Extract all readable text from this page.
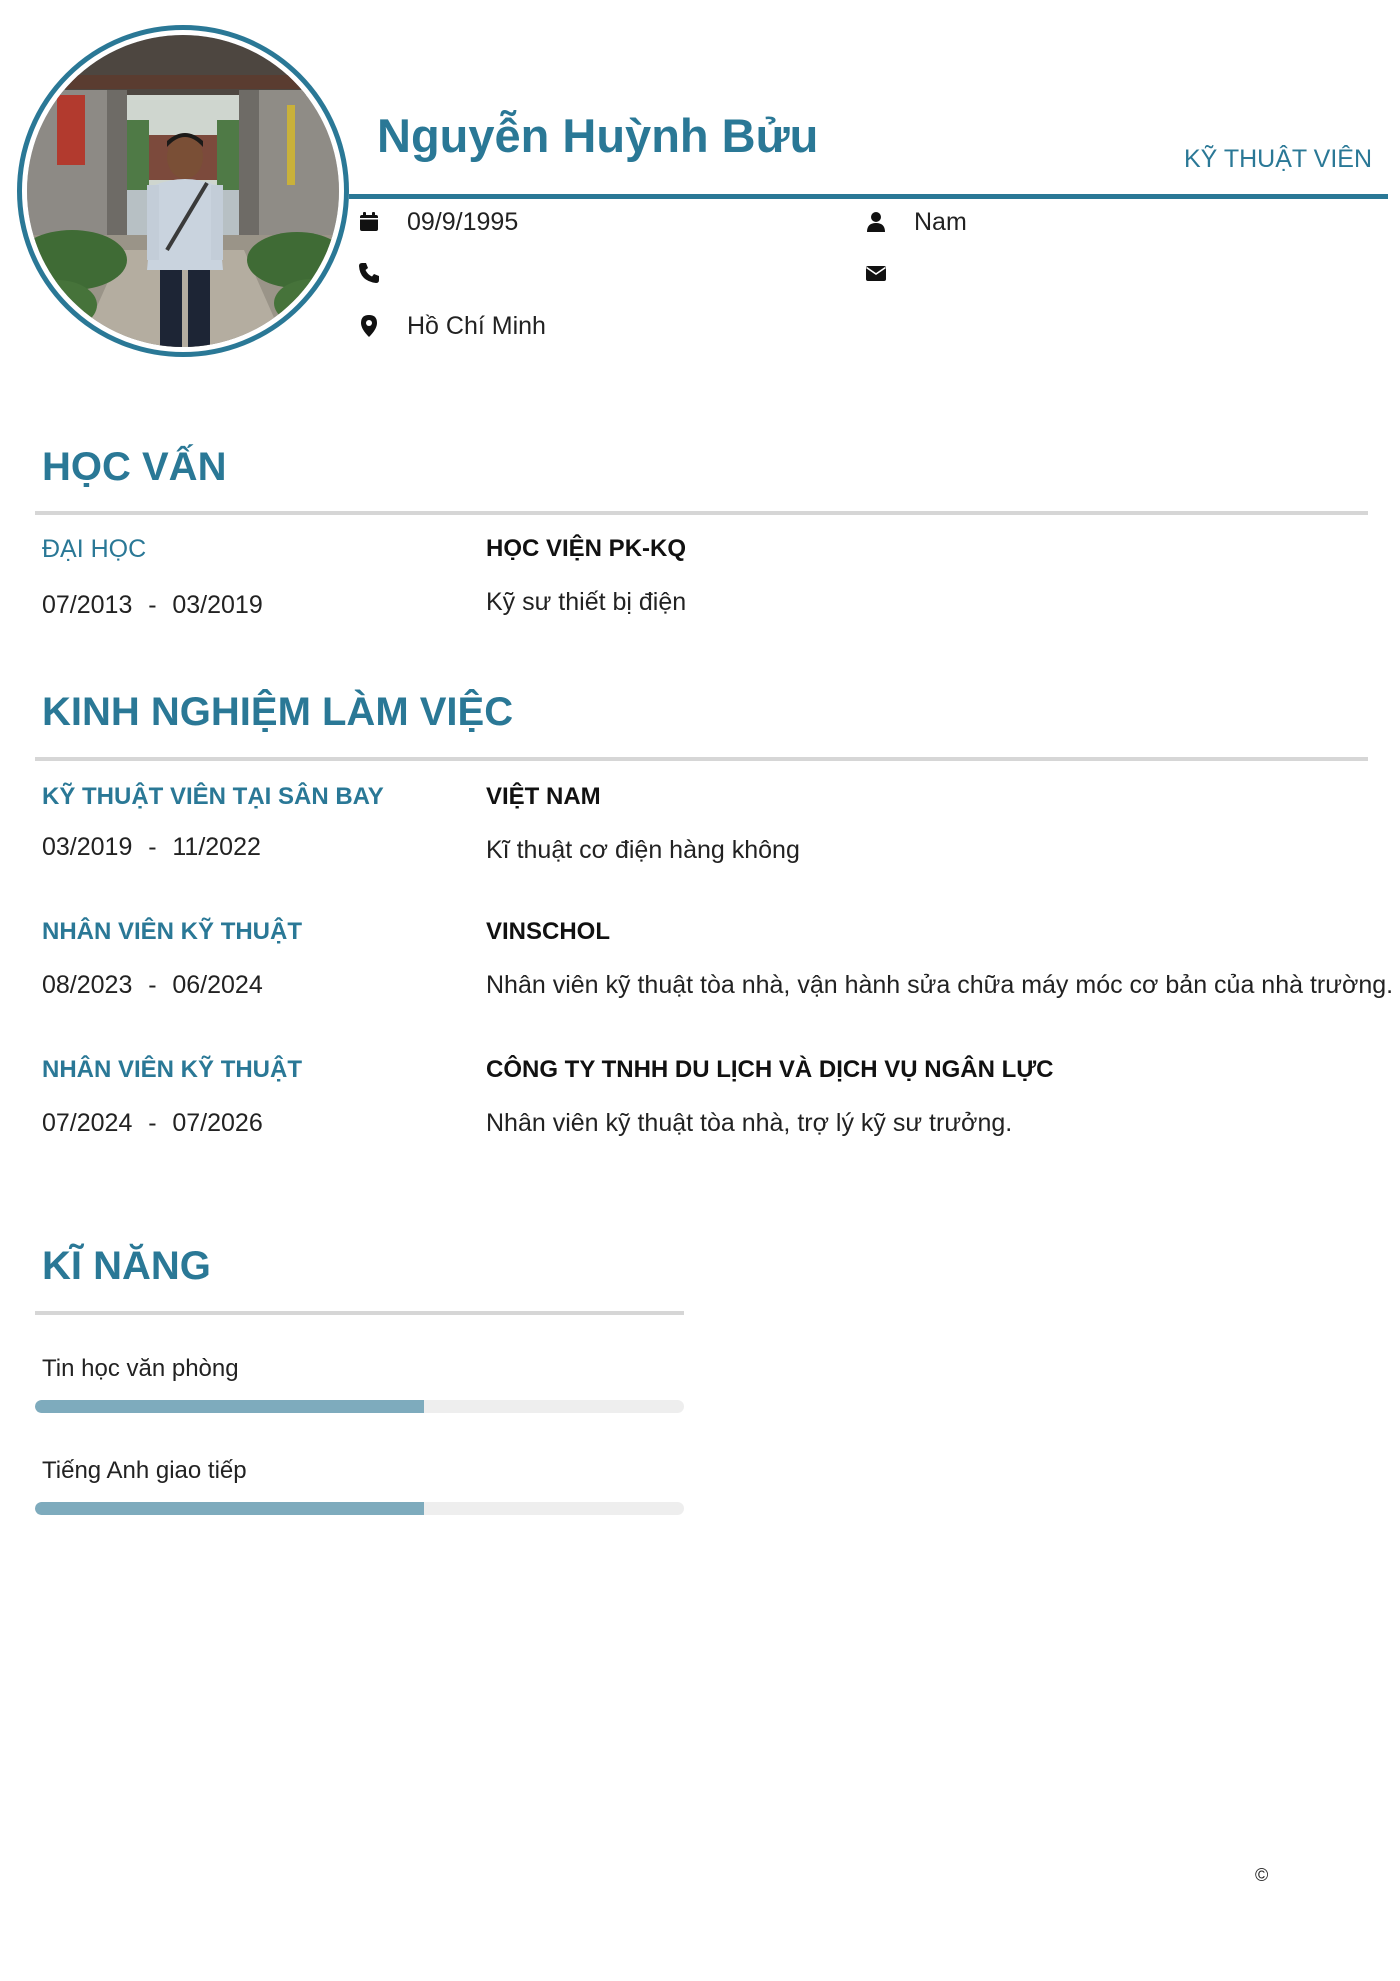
Nguyễn Huỳnh Bửu	KỸ THUẬT VIÊN
09/9/1995	Nam
Hồ Chí Minh
HỌC VẤN
ĐẠI HỌC
07/2013 - 03/2019
HỌC VIỆN PK-KQ
Kỹ sư thiết bị điện
KINH NGHIỆM LÀM VIỆC
KỸ THUẬT VIÊN TẠI SÂN BAY
03/2019 - 11/2022
VIỆT NAM
Kĩ thuật cơ điện hàng không
NHÂN VIÊN KỸ THUẬT
08/2023 - 06/2024
VINSCHOL
Nhân viên kỹ thuật tòa nhà, vận hành sửa chữa máy móc cơ bản của nhà trường.
NHÂN VIÊN KỸ THUẬT
07/2024 - 07/2026
CÔNG TY TNHH DU LỊCH VÀ DỊCH VỤ NGÂN LỰC
Nhân viên kỹ thuật tòa nhà, trợ lý kỹ sư trưởng.
KĨ NĂNG
Tin học văn phòng
Tiếng Anh giao tiếp
©
